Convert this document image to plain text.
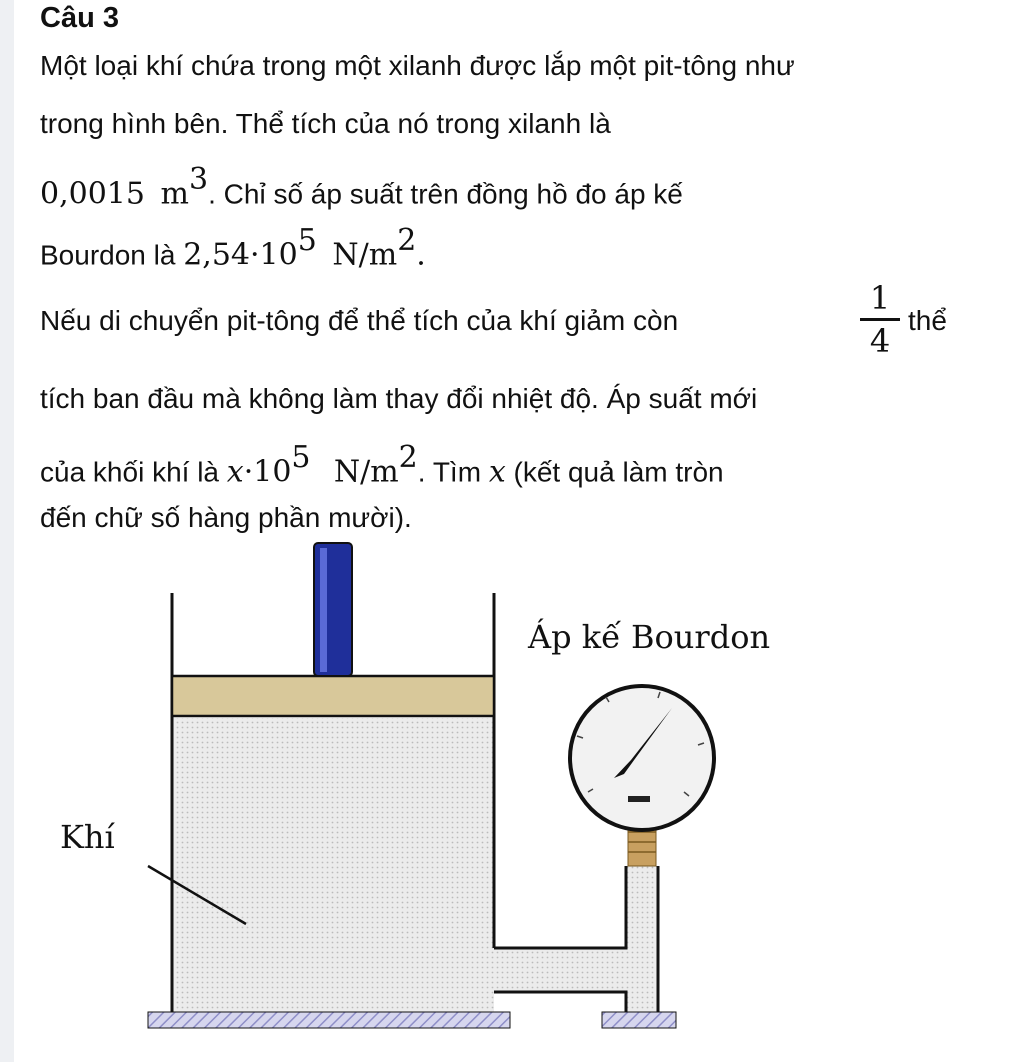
Câu 3
Một loại khí chứa trong một xilanh được lắp một pit-tông như
trong hình bên. Thể tích của nó trong xilanh là
0,0015 $m^3$. Chỉ số áp suất trên đồng hồ đo áp kế
Bourdon là $2,54\cdot 10^5$ $N/m^2$.
Nếu di chuyển pit-tông để thể tích của khí giảm còn
1
4
thể
tích ban đầu mà không làm thay đổi nhiệt độ. Áp suất mới
của khối khí là $x\cdot 10^5$ $N/m^2$. Tìm x (kết quả làm tròn
đến chữ số hàng phần mười).
Áp kế Bourdon
Khí
